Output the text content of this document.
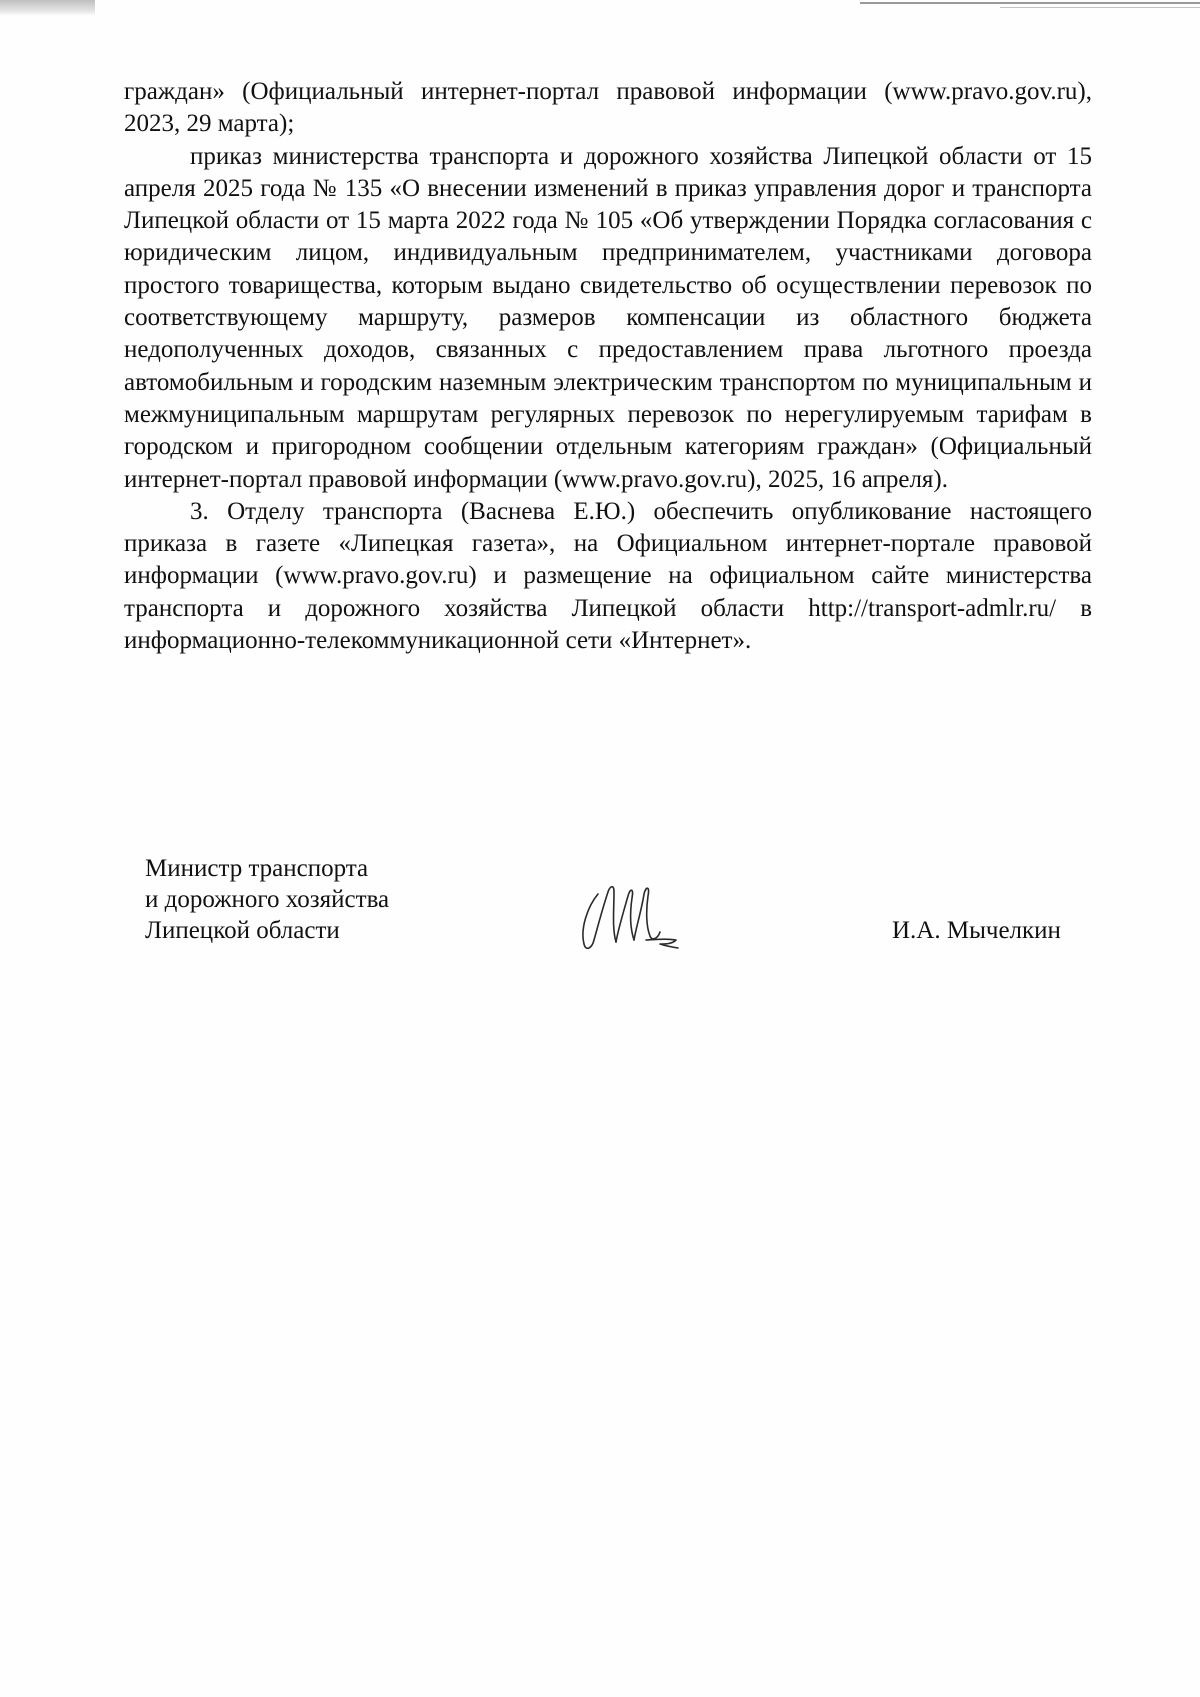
граждан» (Официальный интернет-портал правовой информации (www.pravo.gov.ru), 2023, 29 марта);

приказ министерства транспорта и дорожного хозяйства Липецкой области от 15 апреля 2025 года № 135 «О внесении изменений в приказ управления дорог и транспорта Липецкой области от 15 марта 2022 года № 105 «Об утверждении Порядка согласования с юридическим лицом, индивидуальным предпринимателем, участниками договора простого товарищества, которым выдано свидетельство об осуществлении перевозок по соответствующему маршруту, размеров компенсации из областного бюджета недополученных доходов, связанных с предоставлением права льготного проезда автомобильным и городским наземным электрическим транспортом по муниципальным и межмуниципальным маршрутам регулярных перевозок по нерегулируемым тарифам в городском и пригородном сообщении отдельным категориям граждан» (Официальный интернет-портал правовой информации (www.pravo.gov.ru), 2025, 16 апреля).

3. Отделу транспорта (Васнева Е.Ю.) обеспечить опубликование настоящего приказа в газете «Липецкая газета», на Официальном интернет-портале правовой информации (www.pravo.gov.ru) и размещение на официальном сайте министерства транспорта и дорожного хозяйства Липецкой области http://transport-admlr.ru/ в информационно-телекоммуникационной сети «Интернет».

Министр транспорта
и дорожного хозяйства
Липецкой области	И.А. Мычелкин
